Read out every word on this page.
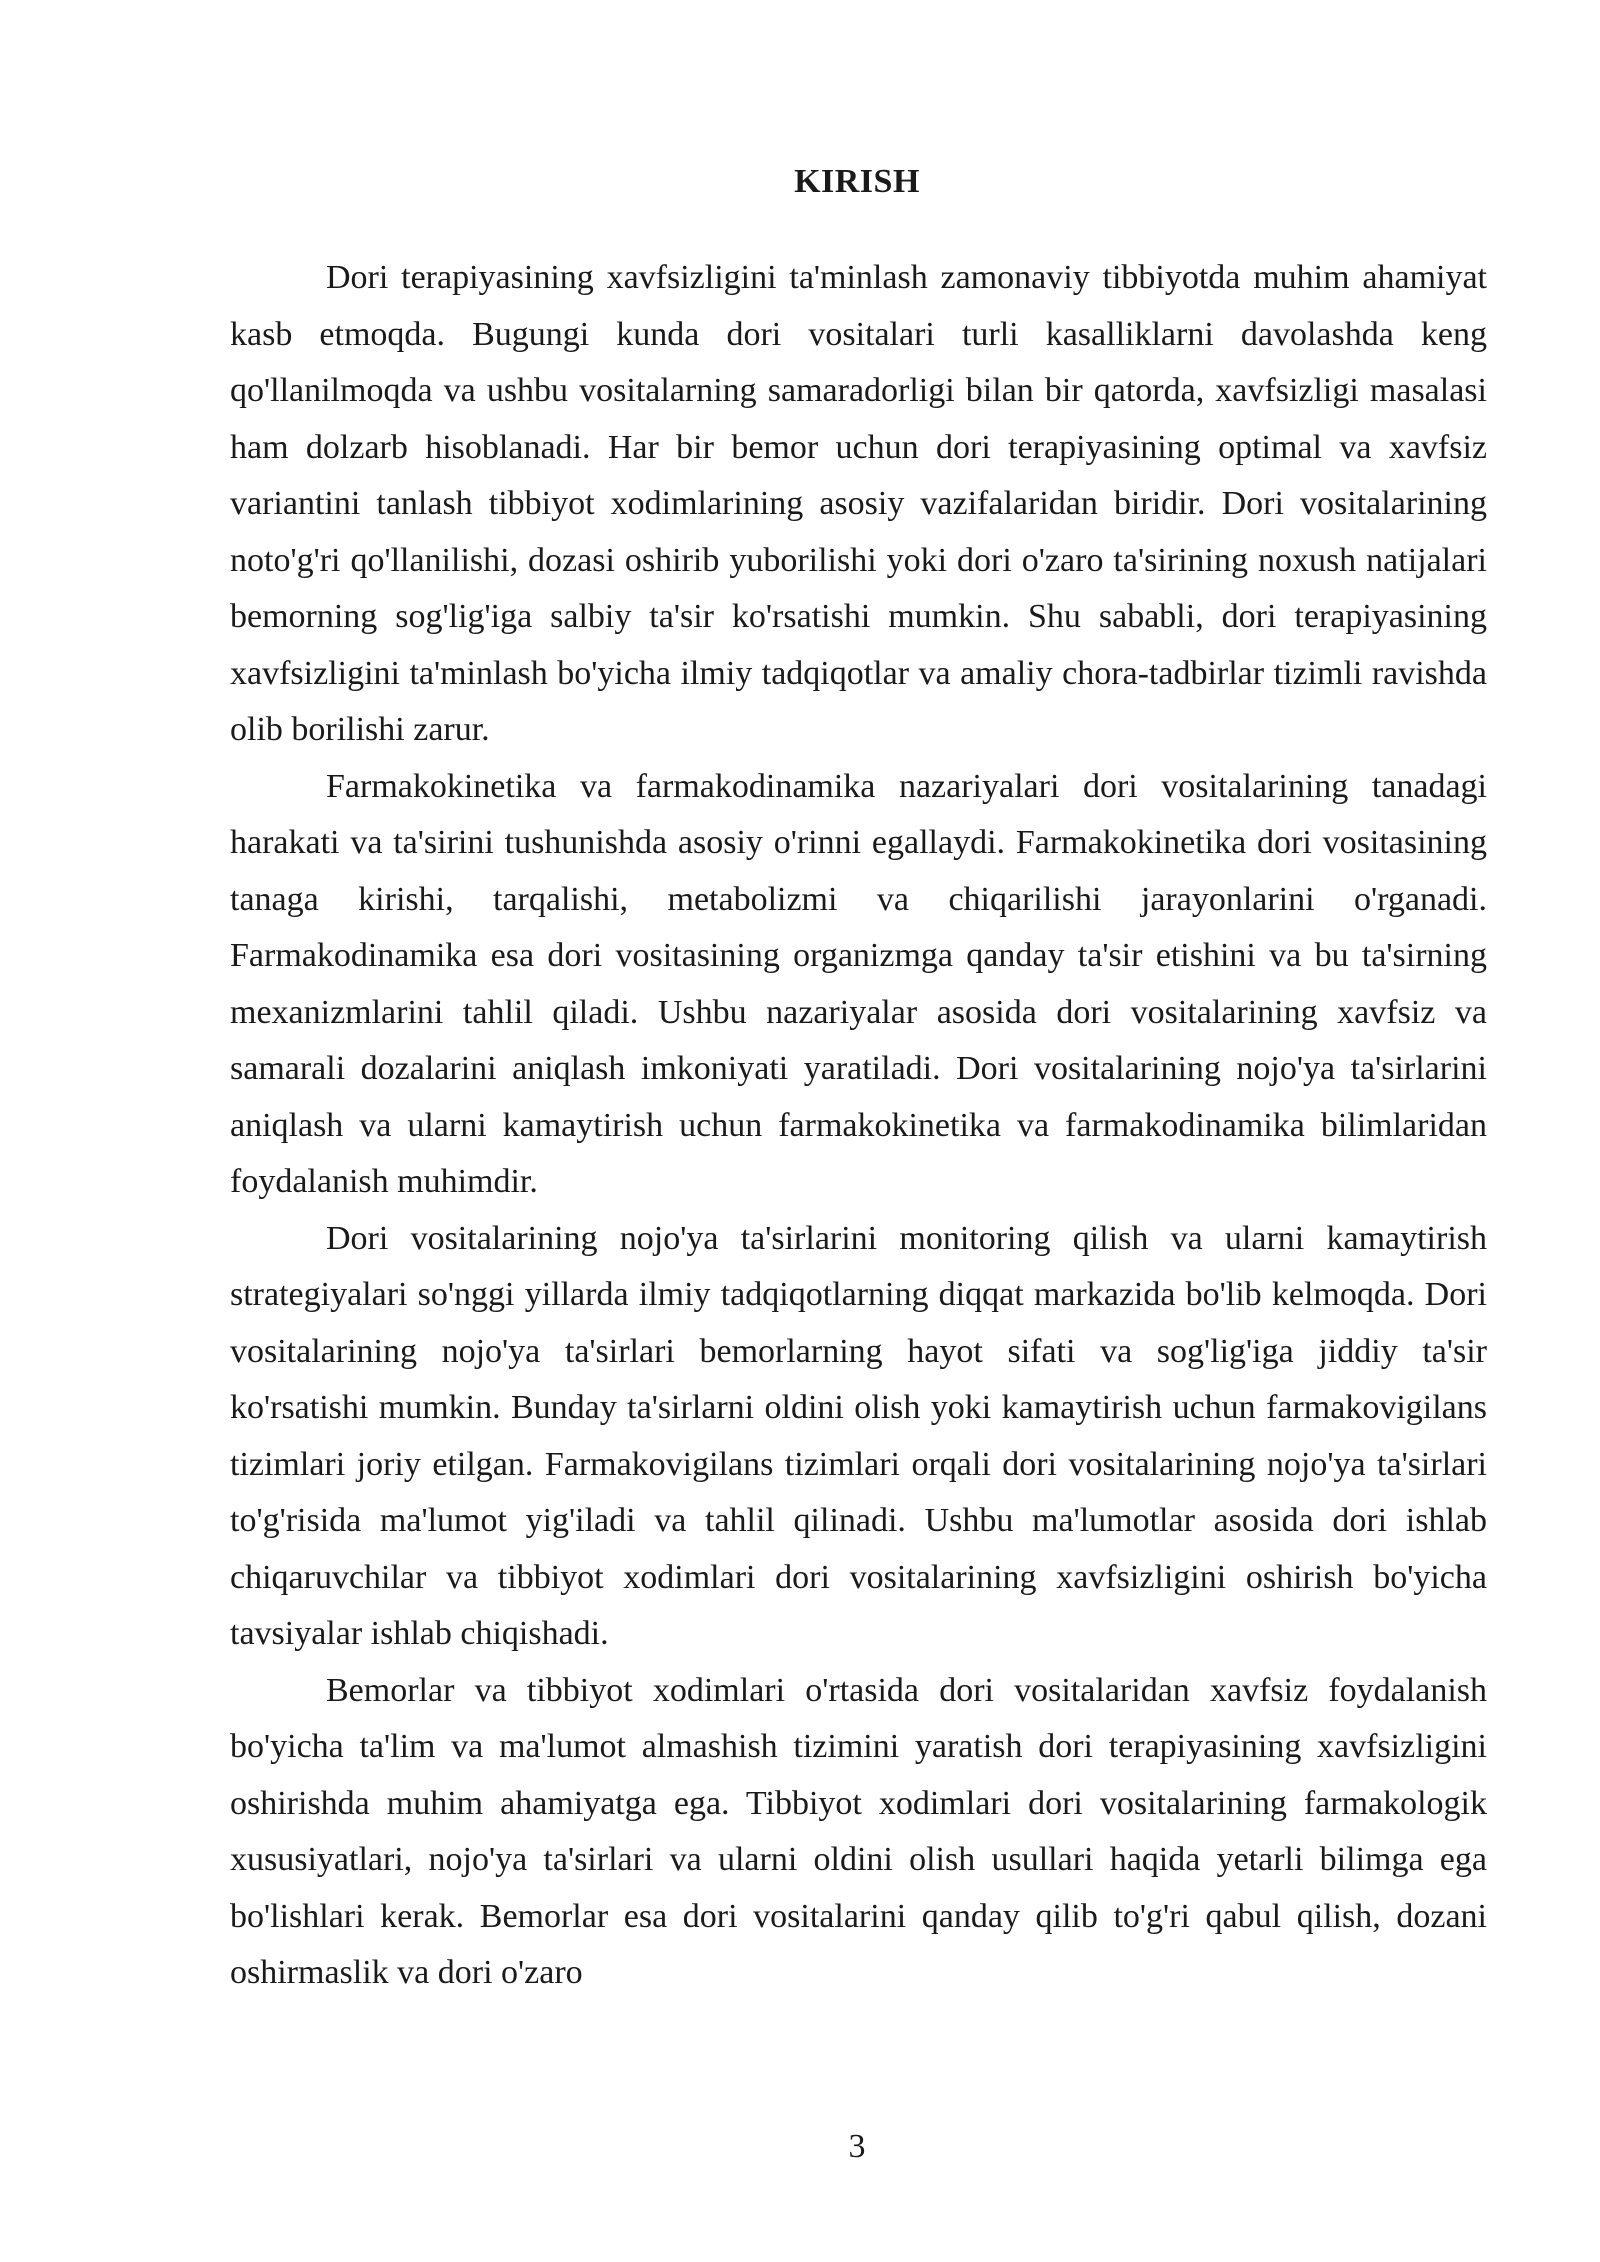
KIRISH

Dori terapiyasining xavfsizligini ta'minlash zamonaviy tibbiyotda muhim ahamiyat kasb etmoqda. Bugungi kunda dori vositalari turli kasalliklarni davolashda keng qo'llanilmoqda va ushbu vositalarning samaradorligi bilan bir qatorda, xavfsizligi masalasi ham dolzarb hisoblanadi. Har bir bemor uchun dori terapiyasining optimal va xavfsiz variantini tanlash tibbiyot xodimlarining asosiy vazifalaridan biridir. Dori vositalarining noto'g'ri qo'llanilishi, dozasi oshirib yuborilishi yoki dori o'zaro ta'sirining noxush natijalari bemorning sog'lig'iga salbiy ta'sir ko'rsatishi mumkin. Shu sababli, dori terapiyasining xavfsizligini ta'minlash bo'yicha ilmiy tadqiqotlar va amaliy chora-tadbirlar tizimli ravishda olib borilishi zarur.

Farmakokinetika va farmakodinamika nazariyalari dori vositalarining tanadagi harakati va ta'sirini tushunishda asosiy o'rinni egallaydi. Farmakokinetika dori vositasining tanaga kirishi, tarqalishi, metabolizmi va chiqarilishi jarayonlarini o'rganadi. Farmakodinamika esa dori vositasining organizmga qanday ta'sir etishini va bu ta'sirning mexanizmlarini tahlil qiladi. Ushbu nazariyalar asosida dori vositalarining xavfsiz va samarali dozalarini aniqlash imkoniyati yaratiladi. Dori vositalarining nojo'ya ta'sirlarini aniqlash va ularni kamaytirish uchun farmakokinetika va farmakodinamika bilimlaridan foydalanish muhimdir.

Dori vositalarining nojo'ya ta'sirlarini monitoring qilish va ularni kamaytirish strategiyalari so'nggi yillarda ilmiy tadqiqotlarning diqqat markazida bo'lib kelmoqda. Dori vositalarining nojo'ya ta'sirlari bemorlarning hayot sifati va sog'lig'iga jiddiy ta'sir ko'rsatishi mumkin. Bunday ta'sirlarni oldini olish yoki kamaytirish uchun farmakovigilans tizimlari joriy etilgan. Farmakovigilans tizimlari orqali dori vositalarining nojo'ya ta'sirlari to'g'risida ma'lumot yig'iladi va tahlil qilinadi. Ushbu ma'lumotlar asosida dori ishlab chiqaruvchilar va tibbiyot xodimlari dori vositalarining xavfsizligini oshirish bo'yicha tavsiyalar ishlab chiqishadi.

Bemorlar va tibbiyot xodimlari o'rtasida dori vositalaridan xavfsiz foydalanish bo'yicha ta'lim va ma'lumot almashish tizimini yaratish dori terapiyasining xavfsizligini oshirishda muhim ahamiyatga ega. Tibbiyot xodimlari dori vositalarining farmakologik xususiyatlari, nojo'ya ta'sirlari va ularni oldini olish usullari haqida yetarli bilimga ega bo'lishlari kerak. Bemorlar esa dori vositalarini qanday qilib to'g'ri qabul qilish, dozani oshirmaslik va dori o'zaro

3
